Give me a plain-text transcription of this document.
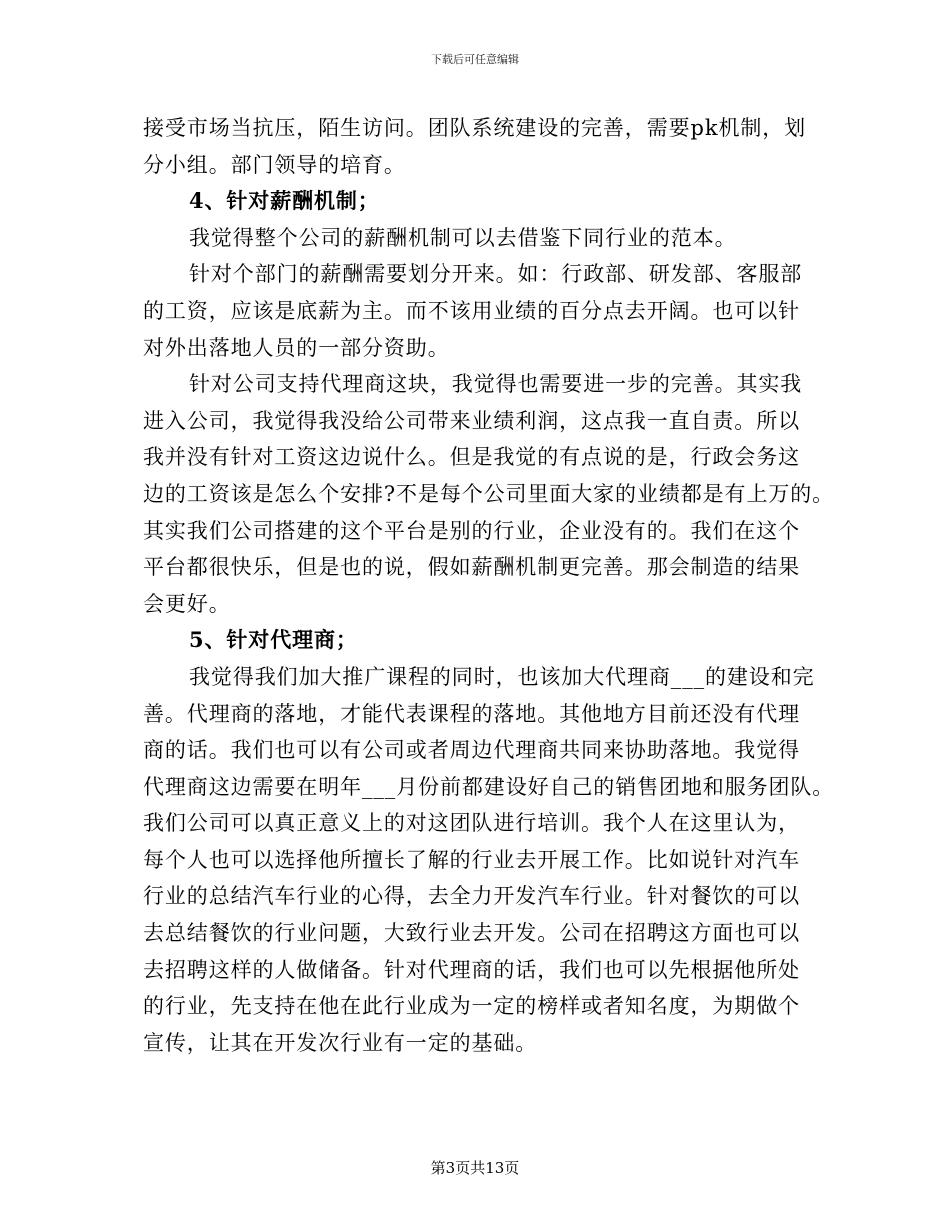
下载后可任意编辑
接受市场当抗压，陌生访问。团队系统建设的完善，需要pk机制，划
分小组。部门领导的培育。
4、针对薪酬机制；
我觉得整个公司的薪酬机制可以去借鉴下同行业的范本。
针对个部门的薪酬需要划分开来。如：行政部、研发部、客服部
的工资，应该是底薪为主。而不该用业绩的百分点去开阔。也可以针
对外出落地人员的一部分资助。
针对公司支持代理商这块，我觉得也需要进一步的完善。其实我
进入公司，我觉得我没给公司带来业绩利润，这点我一直自责。所以
我并没有针对工资这边说什么。但是我觉的有点说的是，行政会务这
边的工资该是怎么个安排?不是每个公司里面大家的业绩都是有上万的。
其实我们公司搭建的这个平台是别的行业，企业没有的。我们在这个
平台都很快乐，但是也的说，假如薪酬机制更完善。那会制造的结果
会更好。
5、针对代理商；
我觉得我们加大推广课程的同时，也该加大代理商___的建设和完
善。代理商的落地，才能代表课程的落地。其他地方目前还没有代理
商的话。我们也可以有公司或者周边代理商共同来协助落地。我觉得
代理商这边需要在明年___月份前都建设好自己的销售团地和服务团队。
我们公司可以真正意义上的对这团队进行培训。我个人在这里认为，
每个人也可以选择他所擅长了解的行业去开展工作。比如说针对汽车
行业的总结汽车行业的心得，去全力开发汽车行业。针对餐饮的可以
去总结餐饮的行业问题，大致行业去开发。公司在招聘这方面也可以
去招聘这样的人做储备。针对代理商的话，我们也可以先根据他所处
的行业，先支持在他在此行业成为一定的榜样或者知名度，为期做个
宣传，让其在开发次行业有一定的基础。
第3页共13页
